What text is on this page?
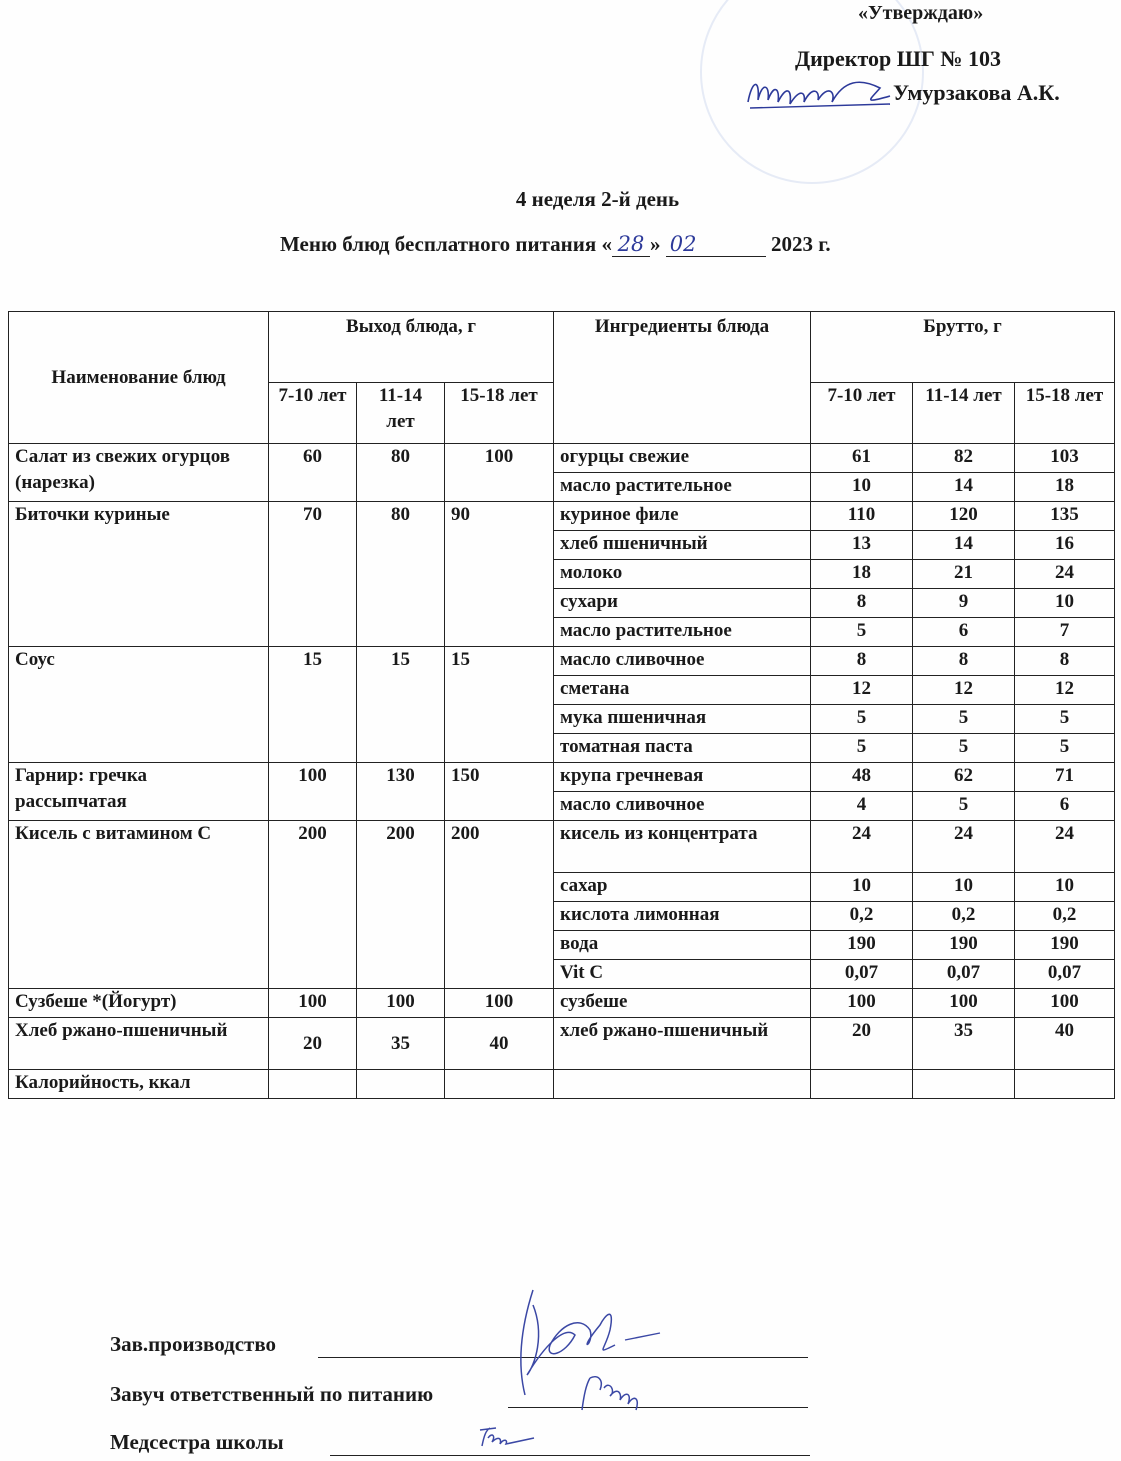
«Утверждаю»
Директор ШГ № 103
Умурзакова А.К.
4 неделя 2-й день
Меню блюд бесплатного питания « 28 » 02	2023 г.
Наименование блюд	Выход блюда, г			Ингредиенты блюда	Брутто, г		
	7-10 лет	11-14 лет	15-18 лет		7-10 лет	11-14 лет	15-18 лет
Салат из свежих огурцов (нарезка)	60	80	100	огурцы свежие	61	82	103
				масло растительное	10	14	18
Биточки куриные	70	80	90	куриное филе	110	120	135
				хлеб пшеничный	13	14	16
				молоко	18	21	24
				сухари	8	9	10
				масло растительное	5	6	7
Соус	15	15	15	масло сливочное	8	8	8
				сметана	12	12	12
				мука пшеничная	5	5	5
				томатная паста	5	5	5
Гарнир: гречка рассыпчатая	100	130	150	крупа гречневая	48	62	71
				масло сливочное	4	5	6
Кисель с витамином С	200	200	200	кисель из концентрата	24	24	24
				сахар	10	10	10
				кислота лимонная	0,2	0,2	0,2
				вода	190	190	190
				Vit C	0,07	0,07	0,07
Сузбеше *(Йогурт)	100	100	100	сузбеше	100	100	100
Хлеб ржано-пшеничный	20	35	40	хлеб ржано-пшеничный	20	35	40
Калорийность, ккал							
Зав.производство
Завуч ответственный по питанию
Медсестра школы
